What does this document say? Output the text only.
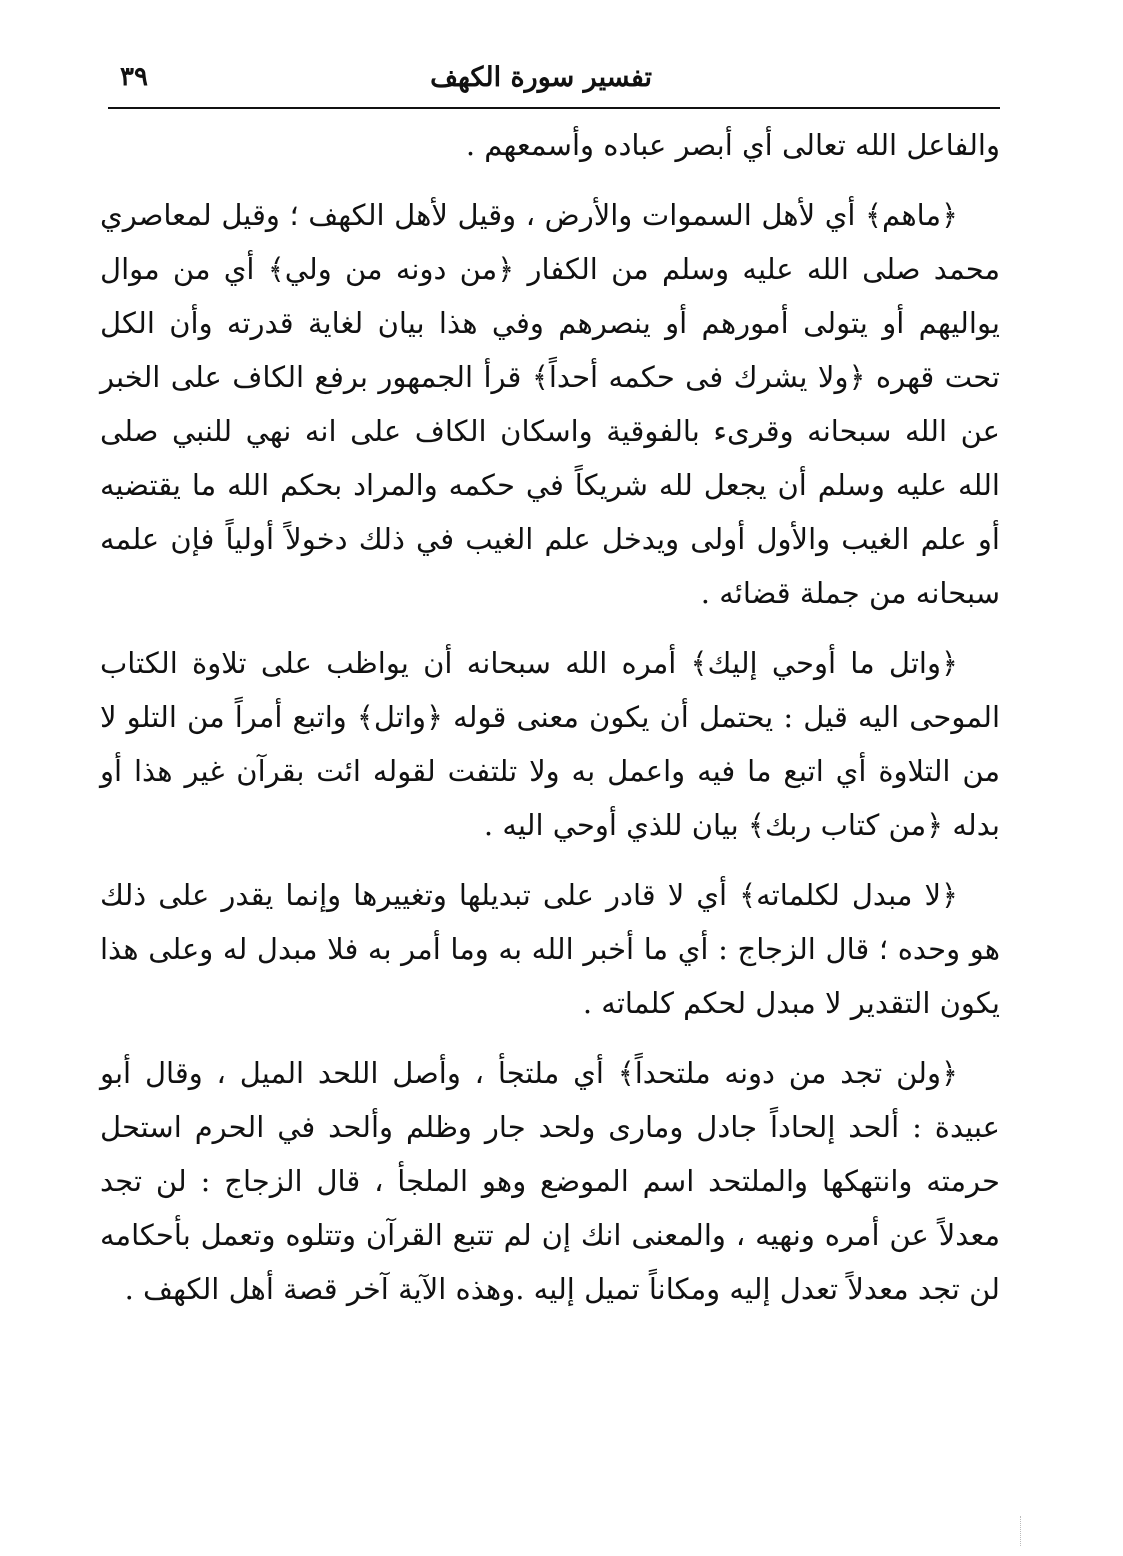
تفسير سورة الكهف
٣٩

والفاعل الله تعالى أي أبصر عباده وأسمعهم .

﴿ماهم﴾ أي لأهل السموات والأرض ، وقيل لأهل الكهف ؛ وقيل لمعاصري محمد صلى الله عليه وسلم من الكفار ﴿من دونه من ولي﴾ أي من موال يواليهم أو يتولى أمورهم أو ينصرهم وفي هذا بيان لغاية قدرته وأن الكل تحت قهره ﴿ولا يشرك فى حكمه أحداً﴾ قرأ الجمهور برفع الكاف على الخبر عن الله سبحانه وقرىء بالفوقية واسكان الكاف على انه نهي للنبي صلى الله عليه وسلم أن يجعل لله شريكاً في حكمه والمراد بحكم الله ما يقتضيه أو علم الغيب والأول أولى ويدخل علم الغيب في ذلك دخولاً أولياً فإن علمه سبحانه من جملة قضائه .

﴿واتل ما أوحي إليك﴾ أمره الله سبحانه أن يواظب على تلاوة الكتاب الموحى اليه قيل : يحتمل أن يكون معنى قوله ﴿واتل﴾ واتبع أمراً من التلو لا من التلاوة أي اتبع ما فيه واعمل به ولا تلتفت لقوله ائت بقرآن غير هذا أو بدله ﴿من كتاب ربك﴾ بيان للذي أوحي اليه .

﴿لا مبدل لكلماته﴾ أي لا قادر على تبديلها وتغييرها وإنما يقدر على ذلك هو وحده ؛ قال الزجاج : أي ما أخبر الله به وما أمر به فلا مبدل له وعلى هذا يكون التقدير لا مبدل لحكم كلماته .

﴿ولن تجد من دونه ملتحداً﴾ أي ملتجأ ، وأصل اللحد الميل ، وقال أبو عبيدة : ألحد إلحاداً جادل ومارى ولحد جار وظلم وألحد في الحرم استحل حرمته وانتهكها والملتحد اسم الموضع وهو الملجأ ، قال الزجاج : لن تجد معدلاً عن أمره ونهيه ، والمعنى انك إن لم تتبع القرآن وتتلوه وتعمل بأحكامه لن تجد معدلاً تعدل إليه ومكاناً تميل إليه .وهذه الآية آخر قصة أهل الكهف .
